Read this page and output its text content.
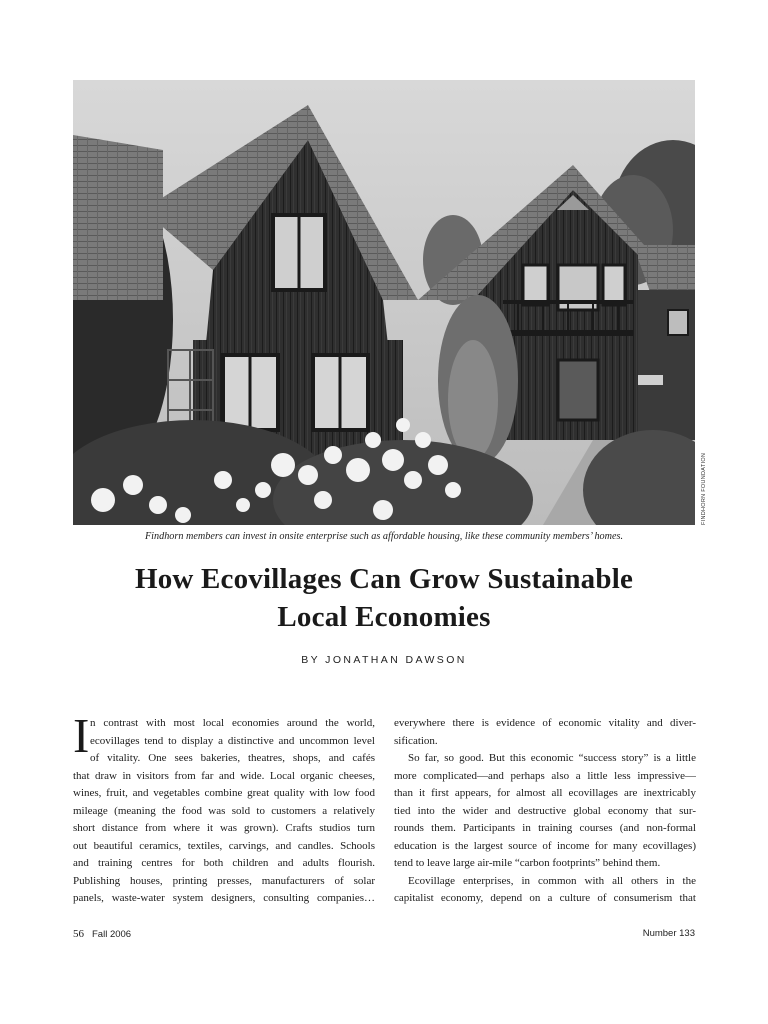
FINDHORN FOUNDATION
Findhorn members can invest in onsite enterprise such as affordable housing, like these community members’ homes.
How Ecovillages Can Grow Sustainable
Local Economies
BY JONATHAN DAWSON
I n contrast with most local economies around the world,
ecovillages tend to display a distinctive and uncommon level
of vitality. One sees bakeries, theatres, shops, and cafés
that draw in visitors from far and wide. Local organic cheeses,
wines, fruit, and vegetables combine great quality with low food
mileage (meaning the food was sold to customers a relatively
short distance from where it was grown). Crafts studios turn
out beautiful ceramics, textiles, carvings, and candles. Schools
and training centres for both children and adults flourish.
Publishing houses, printing presses, manufacturers of solar
panels, waste-water system designers, consulting companies…
everywhere there is evidence of economic vitality and diver-
sification.
So far, so good. But this economic “success story” is a little
more complicated—and perhaps also a little less impressive—
than it first appears, for almost all ecovillages are inextricably
tied into the wider and destructive global economy that sur-
rounds them. Participants in training courses (and non-formal
education is the largest source of income for many ecovillages)
tend to leave large air-mile “carbon footprints” behind them.
Ecovillage enterprises, in common with all others in the
capitalist economy, depend on a culture of consumerism that
56 Fall 2006	Number 133
